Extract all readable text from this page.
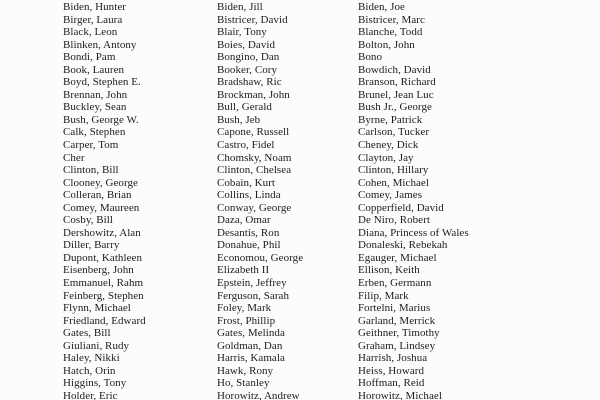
Biden, Hunter
Birger, Laura
Black, Leon
Blinken, Antony
Bondi, Pam
Book, Lauren
Boyd, Stephen E.
Brennan, John
Buckley, Sean
Bush, George W.
Calk, Stephen
Carper, Tom
Cher
Clinton, Bill
Clooney, George
Colleran, Brian
Comey, Maureen
Cosby, Bill
Dershowitz, Alan
Diller, Barry
Dupont, Kathleen
Eisenberg, John
Emmanuel, Rahm
Feinberg, Stephen
Flynn, Michael
Friedland, Edward
Gates, Bill
Giuliani, Rudy
Haley, Nikki
Hatch, Orin
Higgins, Tony
Holder, Eric
Biden, Jill
Bistricer, David
Blair, Tony
Boies, David
Bongino, Dan
Booker, Cory
Bradshaw, Ric
Brockman, John
Bull, Gerald
Bush, Jeb
Capone, Russell
Castro, Fidel
Chomsky, Noam
Clinton, Chelsea
Cobain, Kurt
Collins, Linda
Conway, George
Daza, Omar
Desantis, Ron
Donahue, Phil
Economou, George
Elizabeth II
Epstein, Jeffrey
Ferguson, Sarah
Foley, Mark
Frost, Phillip
Gates, Melinda
Goldman, Dan
Harris, Kamala
Hawk, Rony
Ho, Stanley
Horowitz, Andrew
Biden, Joe
Bistricer, Marc
Blanche, Todd
Bolton, John
Bono
Bowdich, David
Branson, Richard
Brunel, Jean Luc
Bush Jr., George
Byrne, Patrick
Carlson, Tucker
Cheney, Dick
Clayton, Jay
Clinton, Hillary
Cohen, Michael
Comey, James
Copperfield, David
De Niro, Robert
Diana, Princess of Wales
Donaleski, Rebekah
Egauger, Michael
Ellison, Keith
Erben, Germann
Filip, Mark
Fortelni, Marius
Garland, Merrick
Geithner, Timothy
Graham, Lindsey
Harrish, Joshua
Heiss, Howard
Hoffman, Reid
Horowitz, Michael
